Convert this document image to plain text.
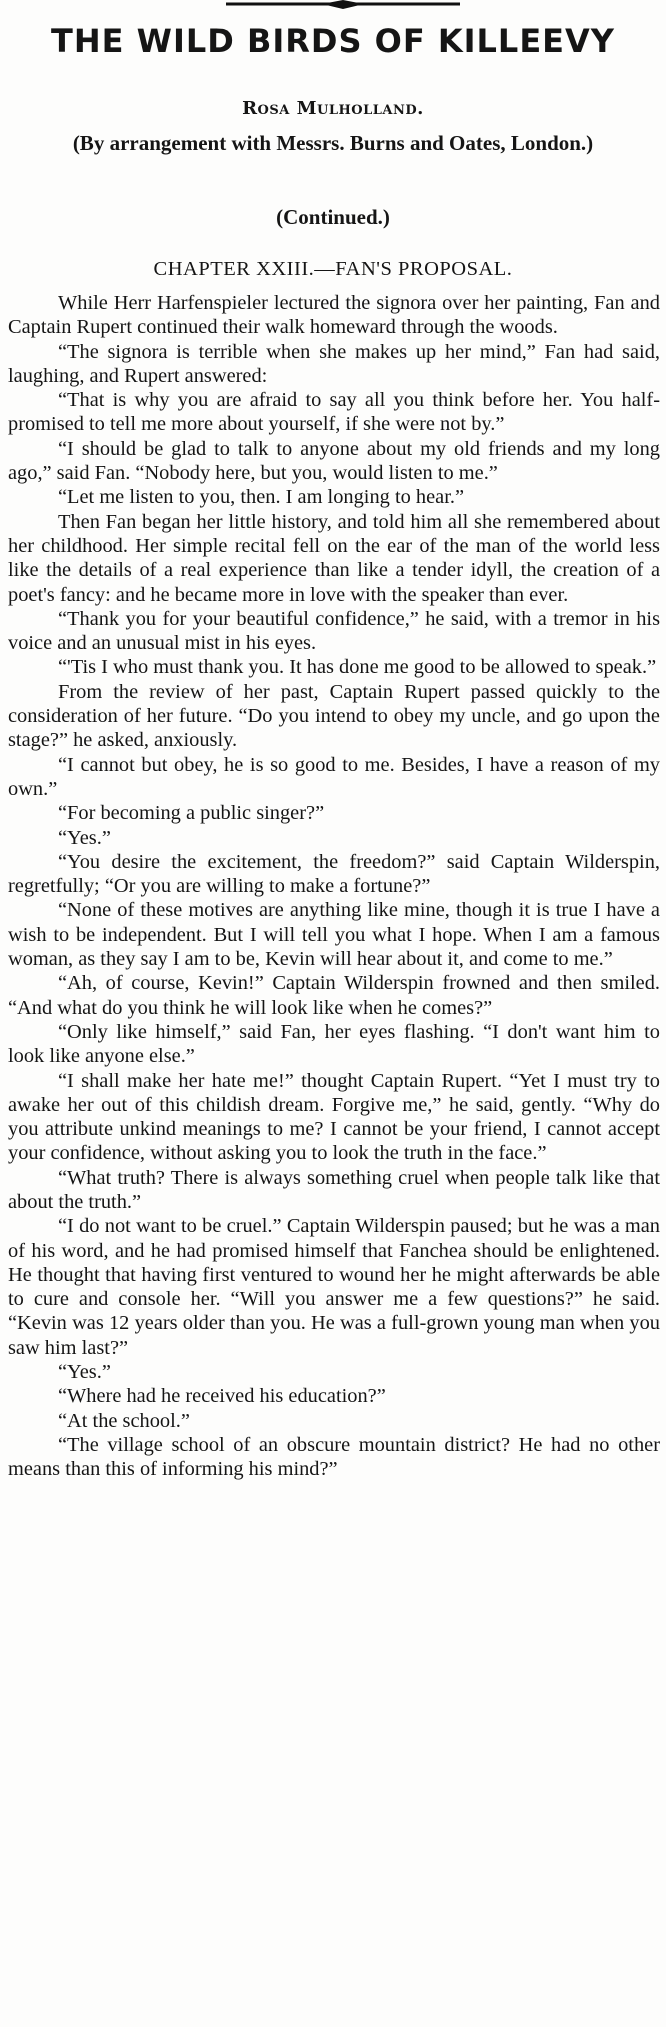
THE WILD BIRDS OF KILLEEVY
Rosa Mulholland.
(By arrangement with Messrs. Burns and Oates, London.)
(Continued.)
CHAPTER XXIII.—FAN'S PROPOSAL.

While Herr Harfenspieler lectured the signora over her painting, Fan and Captain Rupert continued their walk homeward through the woods.

“The signora is terrible when she makes up her mind,” Fan had said, laughing, and Rupert answered:

“That is why you are afraid to say all you think before her. You half-promised to tell me more about yourself, if she were not by.”

“I should be glad to talk to anyone about my old friends and my long ago,” said Fan. “Nobody here, but you, would listen to me.”

“Let me listen to you, then. I am longing to hear.”

Then Fan began her little history, and told him all she remembered about her childhood. Her simple recital fell on the ear of the man of the world less like the details of a real experience than like a tender idyll, the creation of a poet's fancy: and he became more in love with the speaker than ever.

“Thank you for your beautiful confidence,” he said, with a tremor in his voice and an unusual mist in his eyes.

“'Tis I who must thank you. It has done me good to be allowed to speak.”

From the review of her past, Captain Rupert passed quickly to the consideration of her future. “Do you intend to obey my uncle, and go upon the stage?” he asked, anxiously.

“I cannot but obey, he is so good to me. Besides, I have a reason of my own.”

“For becoming a public singer?”

“Yes.”

“You desire the excitement, the freedom?” said Captain Wilderspin, regretfully; “Or you are willing to make a fortune?”

“None of these motives are anything like mine, though it is true I have a wish to be independent. But I will tell you what I hope. When I am a famous woman, as they say I am to be, Kevin will hear about it, and come to me.”

“Ah, of course, Kevin!” Captain Wilderspin frowned and then smiled. “And what do you think he will look like when he comes?”

“Only like himself,” said Fan, her eyes flashing. “I don't want him to look like anyone else.”

“I shall make her hate me!” thought Captain Rupert. “Yet I must try to awake her out of this childish dream. Forgive me,” he said, gently. “Why do you attribute unkind meanings to me? I cannot be your friend, I cannot accept your confidence, without asking you to look the truth in the face.”

“What truth? There is always something cruel when people talk like that about the truth.”

“I do not want to be cruel.” Captain Wilderspin paused; but he was a man of his word, and he had promised himself that Fanchea should be enlightened. He thought that having first ventured to wound her he might afterwards be able to cure and console her. “Will you answer me a few questions?” he said. “Kevin was 12 years older than you. He was a full-grown young man when you saw him last?”

“Yes.”

“Where had he received his education?”

“At the school.”

“The village school of an obscure mountain district? He had no other means than this of informing his mind?”
